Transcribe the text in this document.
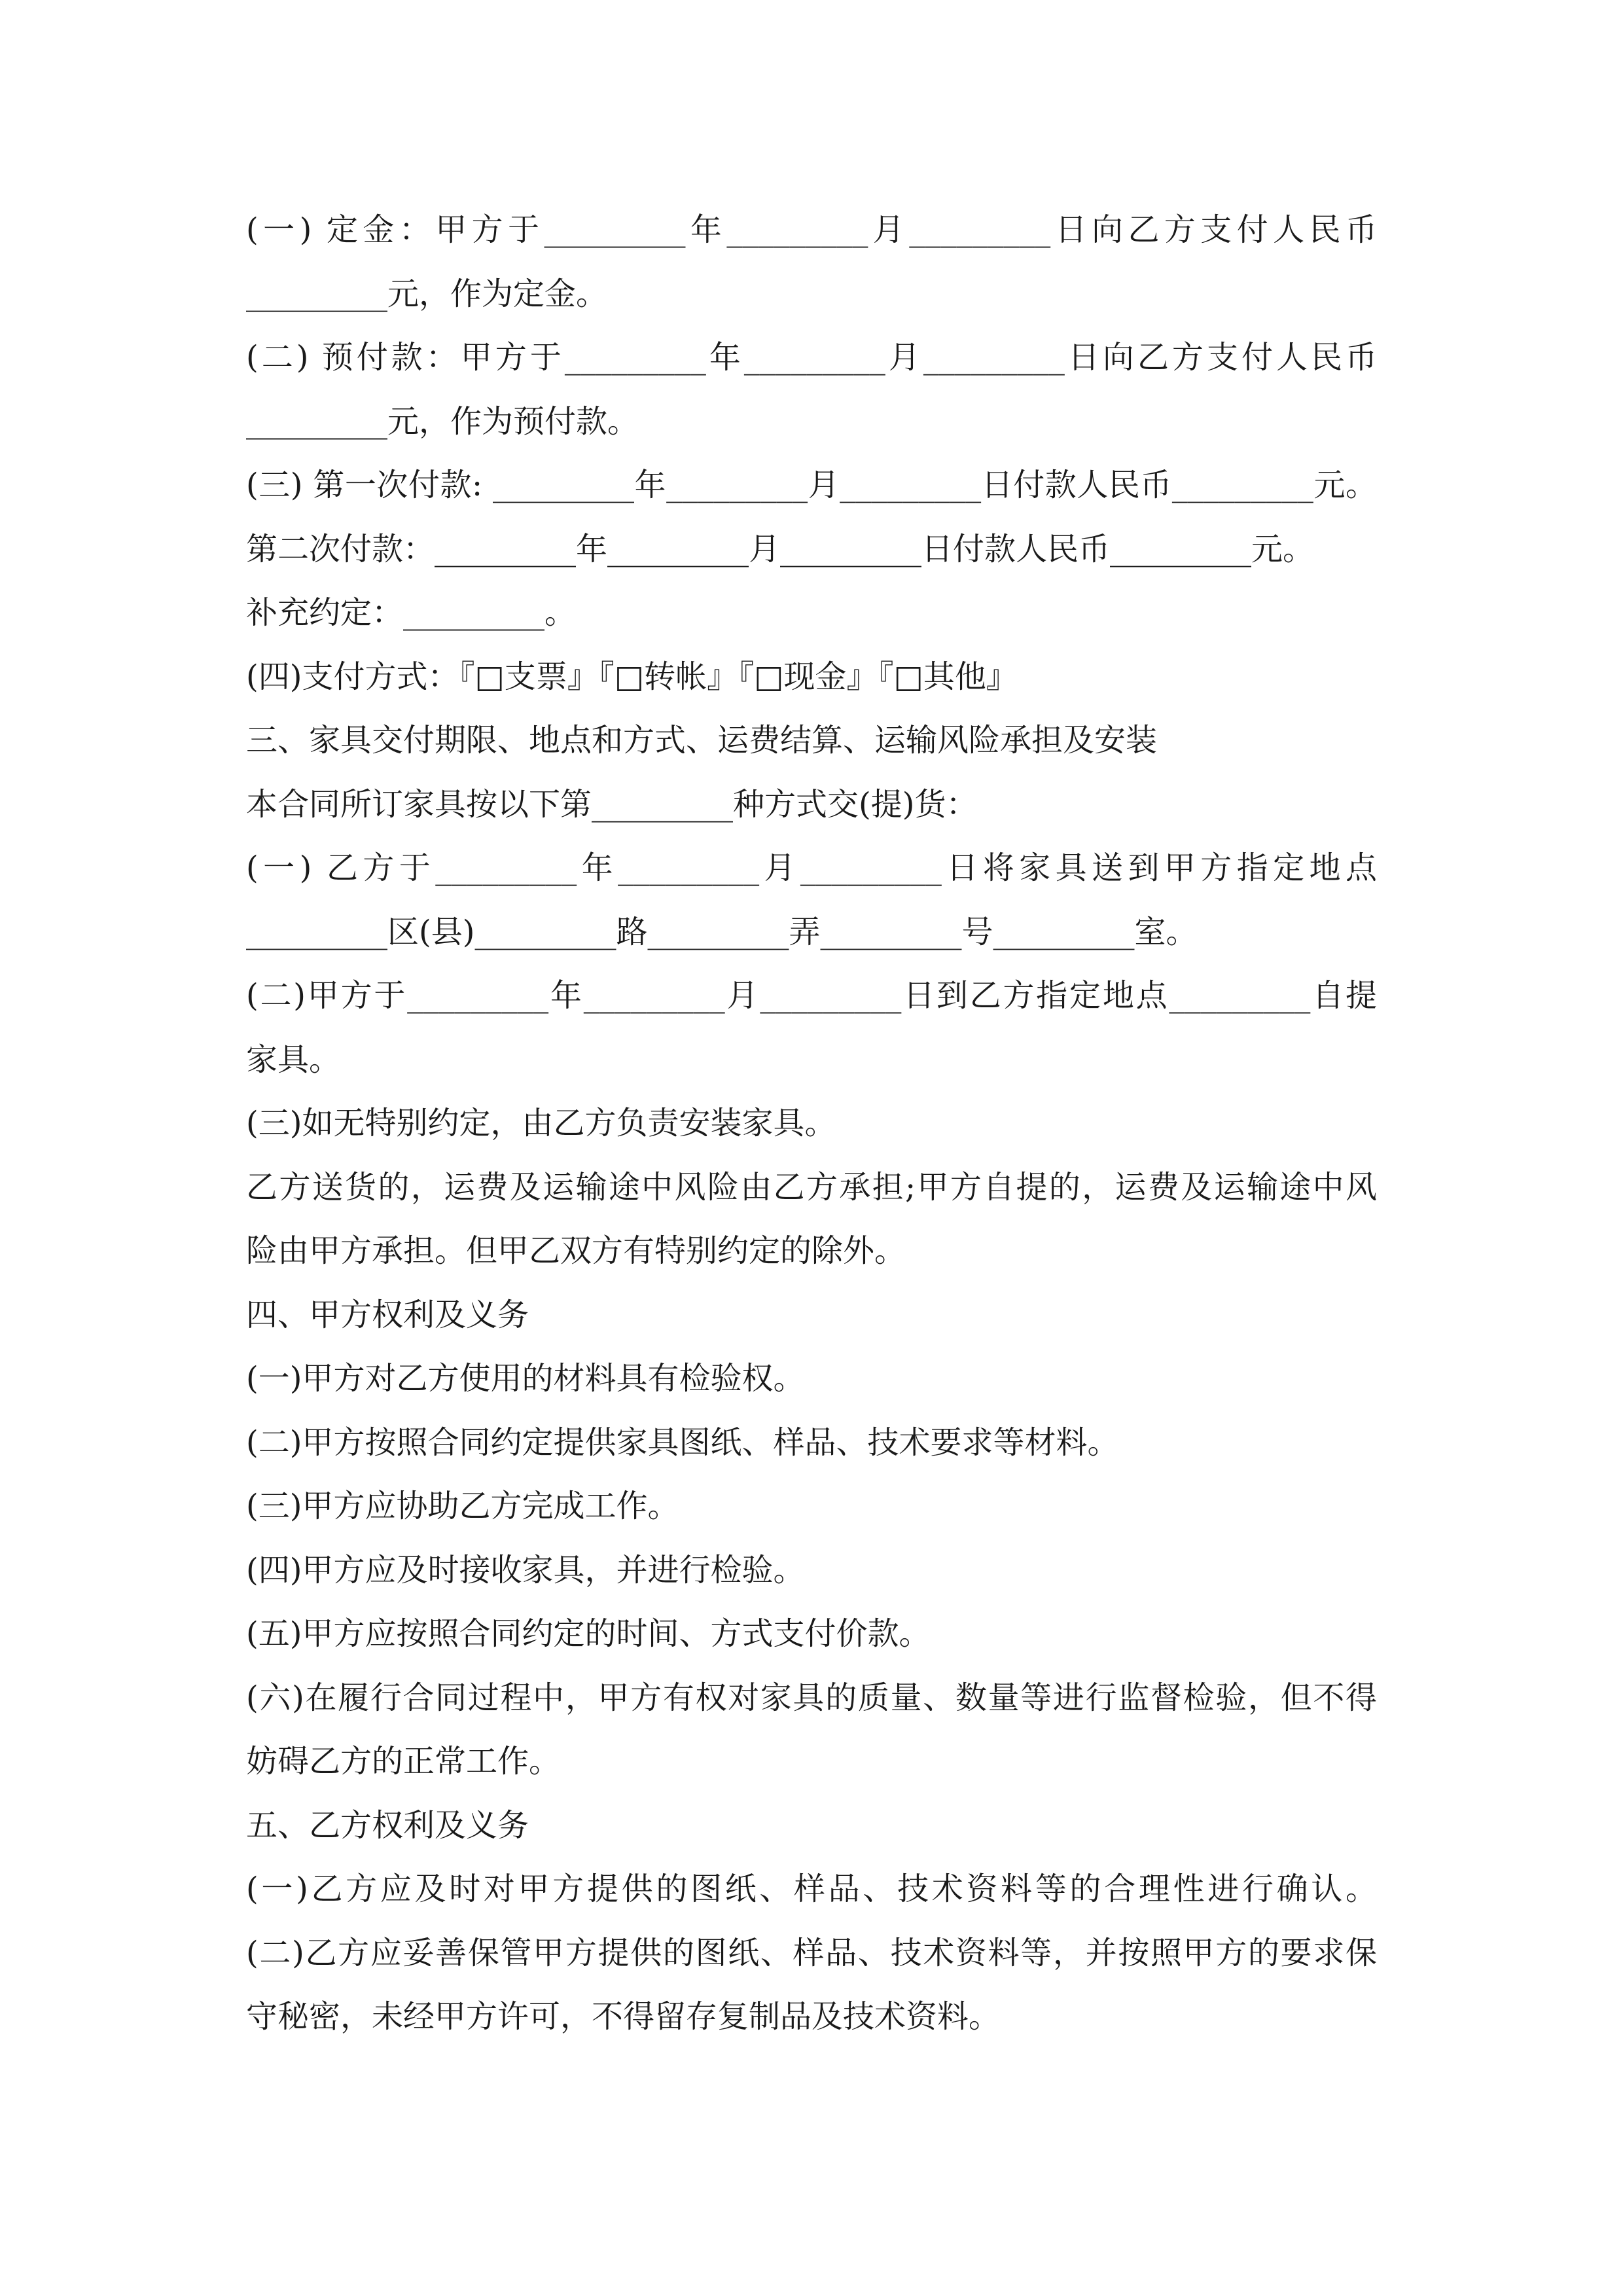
(一) 定金：甲方于_________年_________月_________日向乙方支付人民币
_________元，作为定金。
(二) 预付款：甲方于_________年_________月_________日向乙方支付人民币
_________元，作为预付款。
(三) 第一次付款: _________年_________月_________日付款人民币_________元。
第二次付款：_________年_________月_________日付款人民币_________元。
补充约定：_________。
(四)支付方式：『□支票』『□转帐』『□现金』『□其他』
三、家具交付期限、地点和方式、运费结算、运输风险承担及安装
本合同所订家具按以下第_________种方式交(提)货：
(一) 乙方于_________年_________月_________日将家具送到甲方指定地点
_________区(县)_________路_________弄_________号_________室。
(二)甲方于_________年_________月_________日到乙方指定地点_________自提
家具。
(三)如无特别约定，由乙方负责安装家具。
乙方送货的，运费及运输途中风险由乙方承担;甲方自提的，运费及运输途中风
险由甲方承担。但甲乙双方有特别约定的除外。
四、甲方权利及义务
(一)甲方对乙方使用的材料具有检验权。
(二)甲方按照合同约定提供家具图纸、样品、技术要求等材料。
(三)甲方应协助乙方完成工作。
(四)甲方应及时接收家具，并进行检验。
(五)甲方应按照合同约定的时间、方式支付价款。
(六)在履行合同过程中，甲方有权对家具的质量、数量等进行监督检验，但不得
妨碍乙方的正常工作。
五、乙方权利及义务
(一)乙方应及时对甲方提供的图纸、样品、技术资料等的合理性进行确认。
(二)乙方应妥善保管甲方提供的图纸、样品、技术资料等，并按照甲方的要求保
守秘密，未经甲方许可，不得留存复制品及技术资料。
